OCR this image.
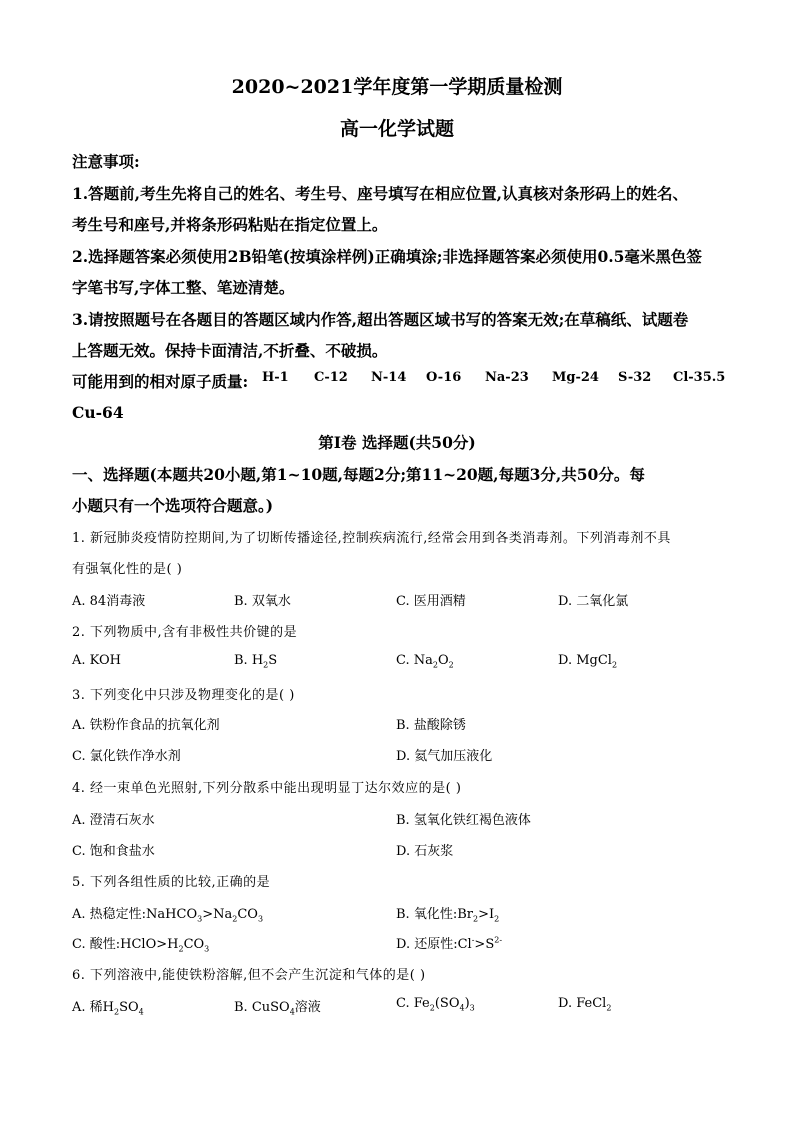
2020~2021学年度第一学期质量检测
高一化学试题
注意事项:
1.答题前,考生先将自己的姓名、考生号、座号填写在相应位置,认真核对条形码上的姓名、
考生号和座号,并将条形码粘贴在指定位置上。
2.选择题答案必须使用2B铅笔(按填涂样例)正确填涂;非选择题答案必须使用0.5毫米黑色签
字笔书写,字体工整、笔迹清楚。
3.请按照题号在各题目的答题区域内作答,超出答题区域书写的答案无效;在草稿纸、试题卷
上答题无效。保持卡面清洁,不折叠、不破损。
可能用到的相对原子质量: H-1 C-12 N-14 O-16 Na-23 Mg-24 S-32 Cl-35.5
Cu-64
第Ⅰ卷 选择题(共50分)
一、选择题(本题共20小题,第1~10题,每题2分;第11~20题,每题3分,共50分。每
小题只有一个选项符合题意。)
1. 新冠肺炎疫情防控期间,为了切断传播途径,控制疾病流行,经常会用到各类消毒剂。下列消毒剂不具
有强氧化性的是( )
A. 84消毒液	B. 双氧水	C. 医用酒精	D. 二氧化氯
2. 下列物质中,含有非极性共价键的是
A. KOH	B. $H_2S$	C. $Na_2O_2$	D. MgCl$_2$
3. 下列变化中只涉及物理变化的是( )
A. 铁粉作食品的抗氧化剂	B. 盐酸除锈
C. 氯化铁作净水剂	D. 氦气加压液化
4. 经一束单色光照射,下列分散系中能出现明显丁达尔效应的是( )
A. 澄清石灰水	B. 氢氧化铁红褐色液体
C. 饱和食盐水	D. 石灰浆
5. 下列各组性质的比较,正确的是
A. 热稳定性$:NaHCO_3>Na_2CO_3$	B. 氧化性$:Br_2>I_2$
C. 酸性$:HClO>H_2CO_3$	D. 还原性$:Cl^->S^{2-}$
6. 下列溶液中,能使铁粉溶解,但不会产生沉淀和气体的是( )
A. 稀$H_2SO_4$	B. CuSO$_4$溶液	C. $Fe_2(SO_4)_3$	D. FeCl$_2$
